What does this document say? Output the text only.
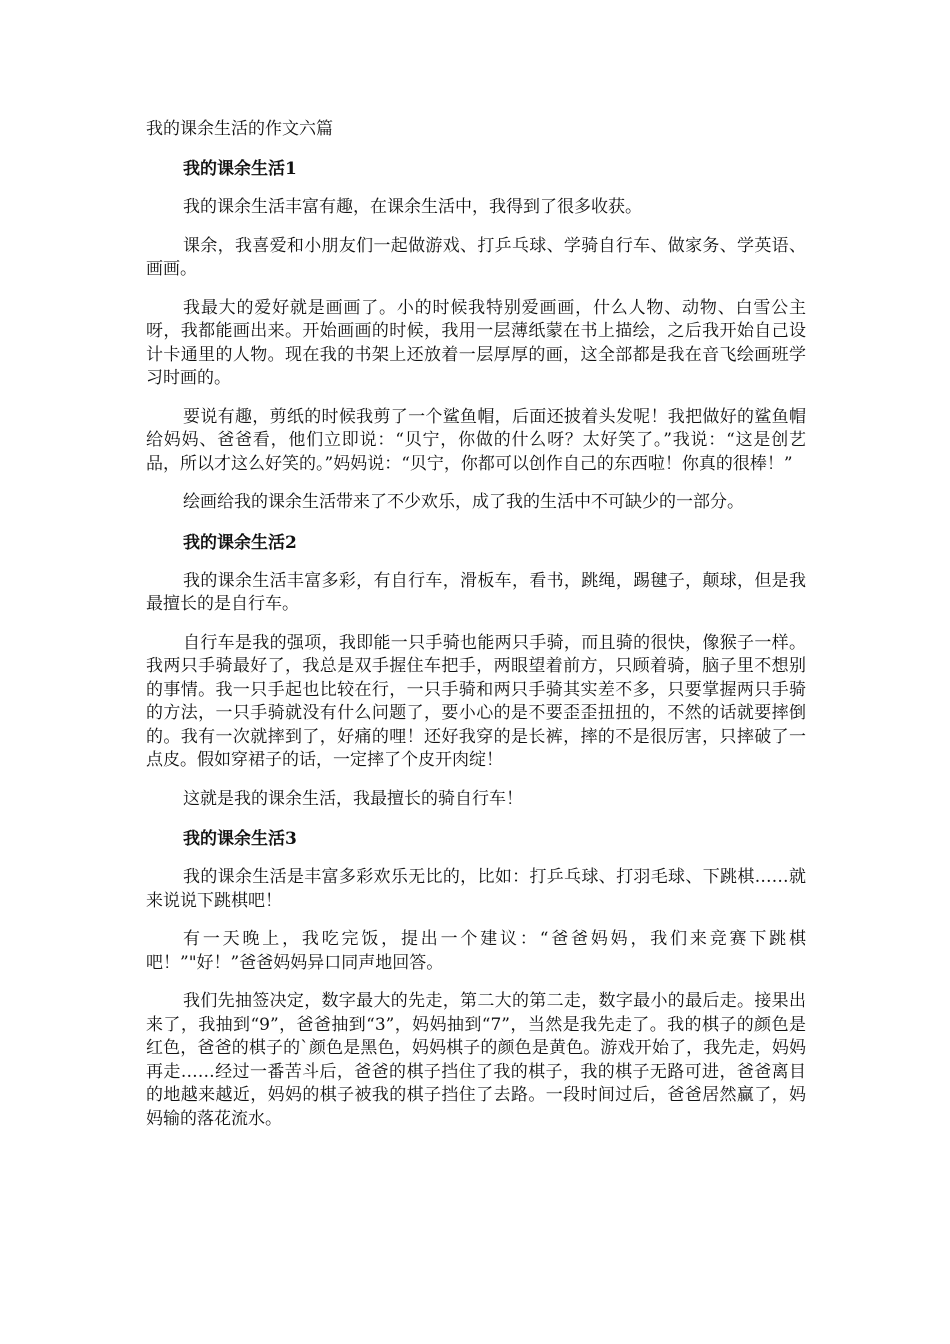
我的课余生活的作文六篇
我的课余生活1

我的课余生活丰富有趣，在课余生活中，我得到了很多收获。

课余，我喜爱和小朋友们一起做游戏、打乒乓球、学骑自行车、做家务、学英语、画画。

我最大的爱好就是画画了。小的时候我特别爱画画，什么人物、动物、白雪公主呀，我都能画出来。开始画画的时候，我用一层薄纸蒙在书上描绘，之后我开始自己设计卡通里的人物。现在我的书架上还放着一层厚厚的画，这全部都是我在音飞绘画班学习时画的。

要说有趣，剪纸的时候我剪了一个鲨鱼帽，后面还披着头发呢！我把做好的鲨鱼帽给妈妈、爸爸看，他们立即说：“贝宁，你做的什么呀？太好笑了。”我说：“这是创艺品，所以才这么好笑的。”妈妈说：“贝宁，你都可以创作自己的东西啦！你真的很棒！”

绘画给我的课余生活带来了不少欢乐，成了我的生活中不可缺少的一部分。

我的课余生活2

我的课余生活丰富多彩，有自行车，滑板车，看书，跳绳，踢毽子，颠球，但是我最擅长的是自行车。

自行车是我的强项，我即能一只手骑也能两只手骑，而且骑的很快，像猴子一样。我两只手骑最好了，我总是双手握住车把手，两眼望着前方，只顾着骑，脑子里不想别的事情。我一只手起也比较在行，一只手骑和两只手骑其实差不多，只要掌握两只手骑的方法，一只手骑就没有什么问题了，要小心的是不要歪歪扭扭的，不然的话就要摔倒的。我有一次就摔到了，好痛的哩！还好我穿的是长裤，摔的不是很厉害，只摔破了一点皮。假如穿裙子的话，一定摔了个皮开肉绽！

这就是我的课余生活，我最擅长的骑自行车！

我的课余生活3

我的课余生活是丰富多彩欢乐无比的，比如：打乒乓球、打羽毛球、下跳棋……就来说说下跳棋吧！

有一天晚上，我吃完饭，提出一个建议：“爸爸妈妈，我们来竞赛下跳棋吧！”"好！”爸爸妈妈异口同声地回答。

我们先抽签决定，数字最大的先走，第二大的第二走，数字最小的最后走。接果出来了，我抽到“9”，爸爸抽到“3”，妈妈抽到“7”，当然是我先走了。我的棋子的颜色是红色，爸爸的棋子的`颜色是黑色，妈妈棋子的颜色是黄色。游戏开始了，我先走，妈妈再走……经过一番苦斗后，爸爸的棋子挡住了我的棋子，我的棋子无路可进，爸爸离目的地越来越近，妈妈的棋子被我的棋子挡住了去路。一段时间过后，爸爸居然赢了，妈妈输的落花流水。
